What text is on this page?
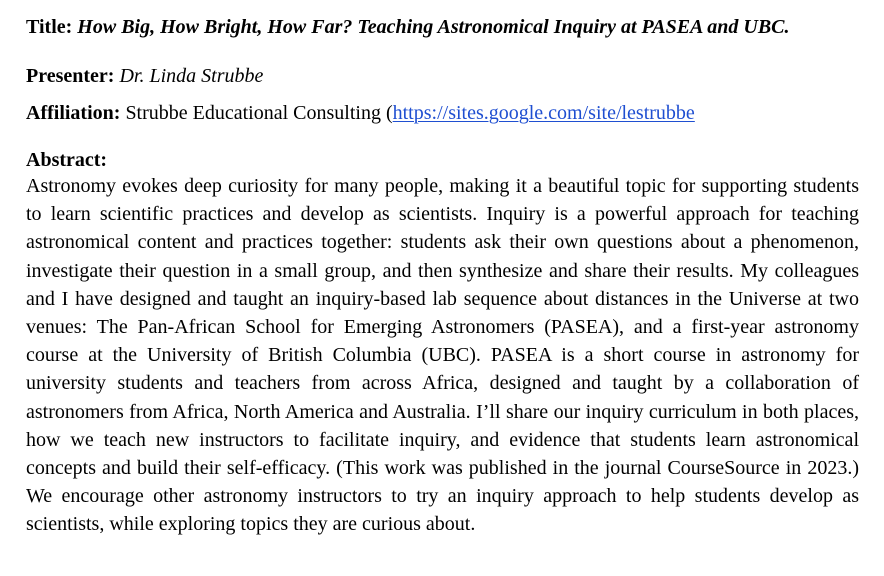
Title: How Big, How Bright, How Far? Teaching Astronomical Inquiry at PASEA and UBC.
Presenter: Dr. Linda Strubbe
Affiliation: Strubbe Educational Consulting (https://sites.google.com/site/lestrubbe
Abstract:

Astronomy evokes deep curiosity for many people, making it a beautiful topic for supporting students to learn scientific practices and develop as scientists. Inquiry is a powerful approach for teaching astronomical content and practices together: students ask their own questions about a phenomenon, investigate their question in a small group, and then synthesize and share their results. My colleagues and I have designed and taught an inquiry-based lab sequence about distances in the Universe at two venues: The Pan-African School for Emerging Astronomers (PASEA), and a first-year astronomy course at the University of British Columbia (UBC). PASEA is a short course in astronomy for university students and teachers from across Africa, designed and taught by a collaboration of astronomers from Africa, North America and Australia. I’ll share our inquiry curriculum in both places, how we teach new instructors to facilitate inquiry, and evidence that students learn astronomical concepts and build their self-efficacy. (This work was published in the journal CourseSource in 2023.) We encourage other astronomy instructors to try an inquiry approach to help students develop as scientists, while exploring topics they are curious about.
